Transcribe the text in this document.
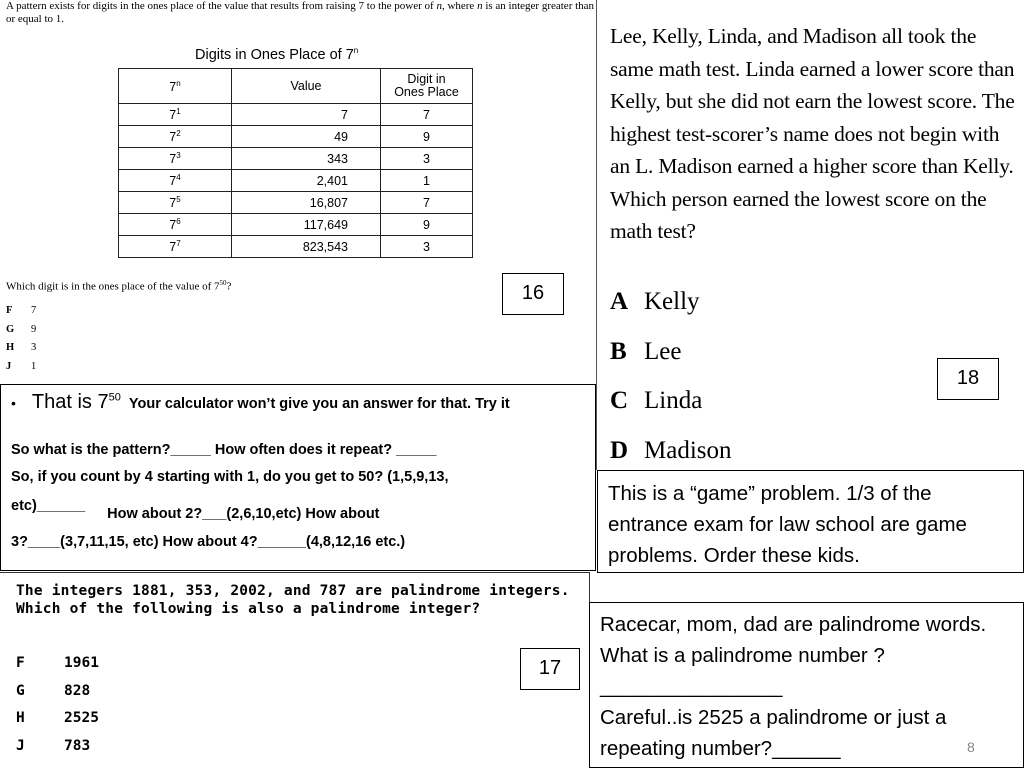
A pattern exists for digits in the ones place of the value that results from raising 7 to the power of n, where n is an integer greater than or equal to 1.
Digits in Ones Place of 7$^n$
7$^n$	Value	Digit in
Ones Place
$7^1$	7	7
$7^2$	49	9
$7^3$	343	3
$7^4$	2,401	1
$7^5$	16,807	7
$7^6$	117,649	9
$7^7$	823,543	3
Which digit is in the ones place of the value of $7^{50}$?
F 7
G 9
H 3
J 1
16
• That is $7^{50}$ Your calculator won’t give you an answer for that. Try it
So what is the pattern?_____ How often does it repeat? _____
So, if you count by 4 starting with 1, do you get to 50? (1,5,9,13,
etc)______ How about 2?___(2,6,10,etc) How about
3?____(3,7,11,15, etc) How about 4?______(4,8,12,16 etc.)
Lee, Kelly, Linda, and Madison all took the same math test. Linda earned a lower score than Kelly, but she did not earn the lowest score. The highest test-scorer’s name does not begin with an L. Madison earned a higher score than Kelly. Which person earned the lowest score on the math test?
A Kelly
B Lee
C Linda
D Madison
18
This is a “game” problem. 1/3 of the entrance exam for law school are game problems. Order these kids.
The integers 1881, 353, 2002, and 787 are palindrome integers. Which of the following is also a palindrome integer?
F	1961
G	828
H	2525
J	783
17
Racecar, mom, dad are palindrome words. What is a palindrome number ?________________
Careful..is 2525 a palindrome or just a repeating number?______	8
